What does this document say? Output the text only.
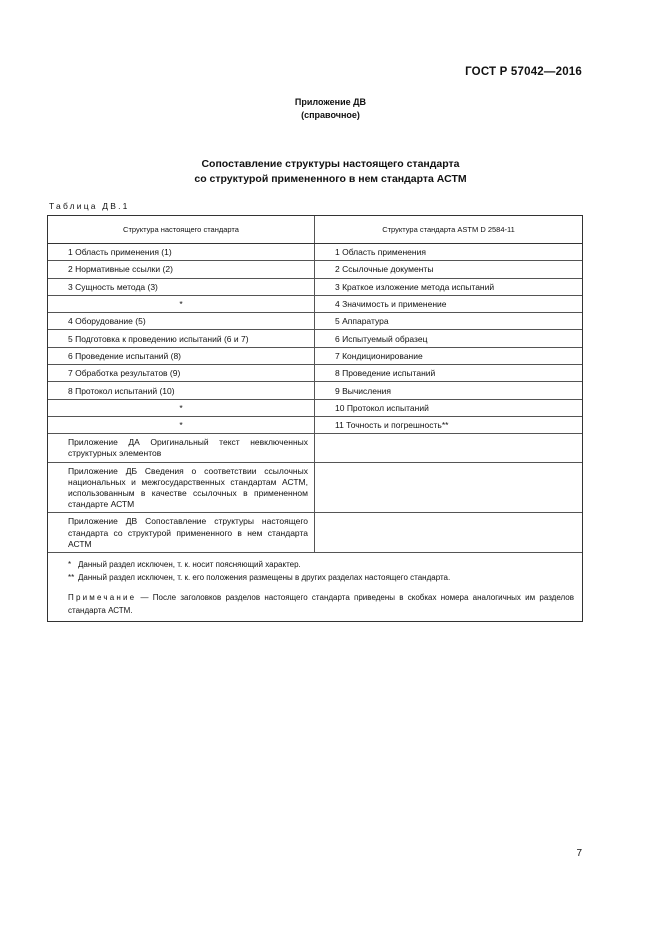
ГОСТ Р 57042—2016
Приложение ДВ
(справочное)
Сопоставление структуры настоящего стандарта
со структурой примененного в нем стандарта АСТМ
Таблица ДВ.1
Структура настоящего стандарта	Структура стандарта ASTM D 2584-11
1 Область применения (1)	1 Область применения
2 Нормативные ссылки (2)	2 Ссылочные документы
3 Сущность метода (3)	3 Краткое изложение метода испытаний
*	4 Значимость и применение
4 Оборудование (5)	5 Аппаратура
5 Подготовка к проведению испытаний (6 и 7)	6 Испытуемый образец
6 Проведение испытаний (8)	7 Кондиционирование
7 Обработка результатов (9)	8 Проведение испытаний
8 Протокол испытаний (10)	9 Вычисления
*	10 Протокол испытаний
*	11 Точность и погрешность**
Приложение ДА Оригинальный текст невключенных структурных элементов
Приложение ДБ Сведения о соответствии ссылочных национальных и межгосударственных стандартам АСТМ, использованным в качестве ссылочных в примененном стандарте АСТМ
Приложение ДВ Сопоставление структуры настоящего стандарта со структурой примененного в нем стандарта АСТМ
* Данный раздел исключен, т. к. носит поясняющий характер.
** Данный раздел исключен, т. к. его положения размещены в других разделах настоящего стандарта.
Примечание — После заголовков разделов настоящего стандарта приведены в скобках номера аналогичных им разделов стандарта АСТМ.
7
